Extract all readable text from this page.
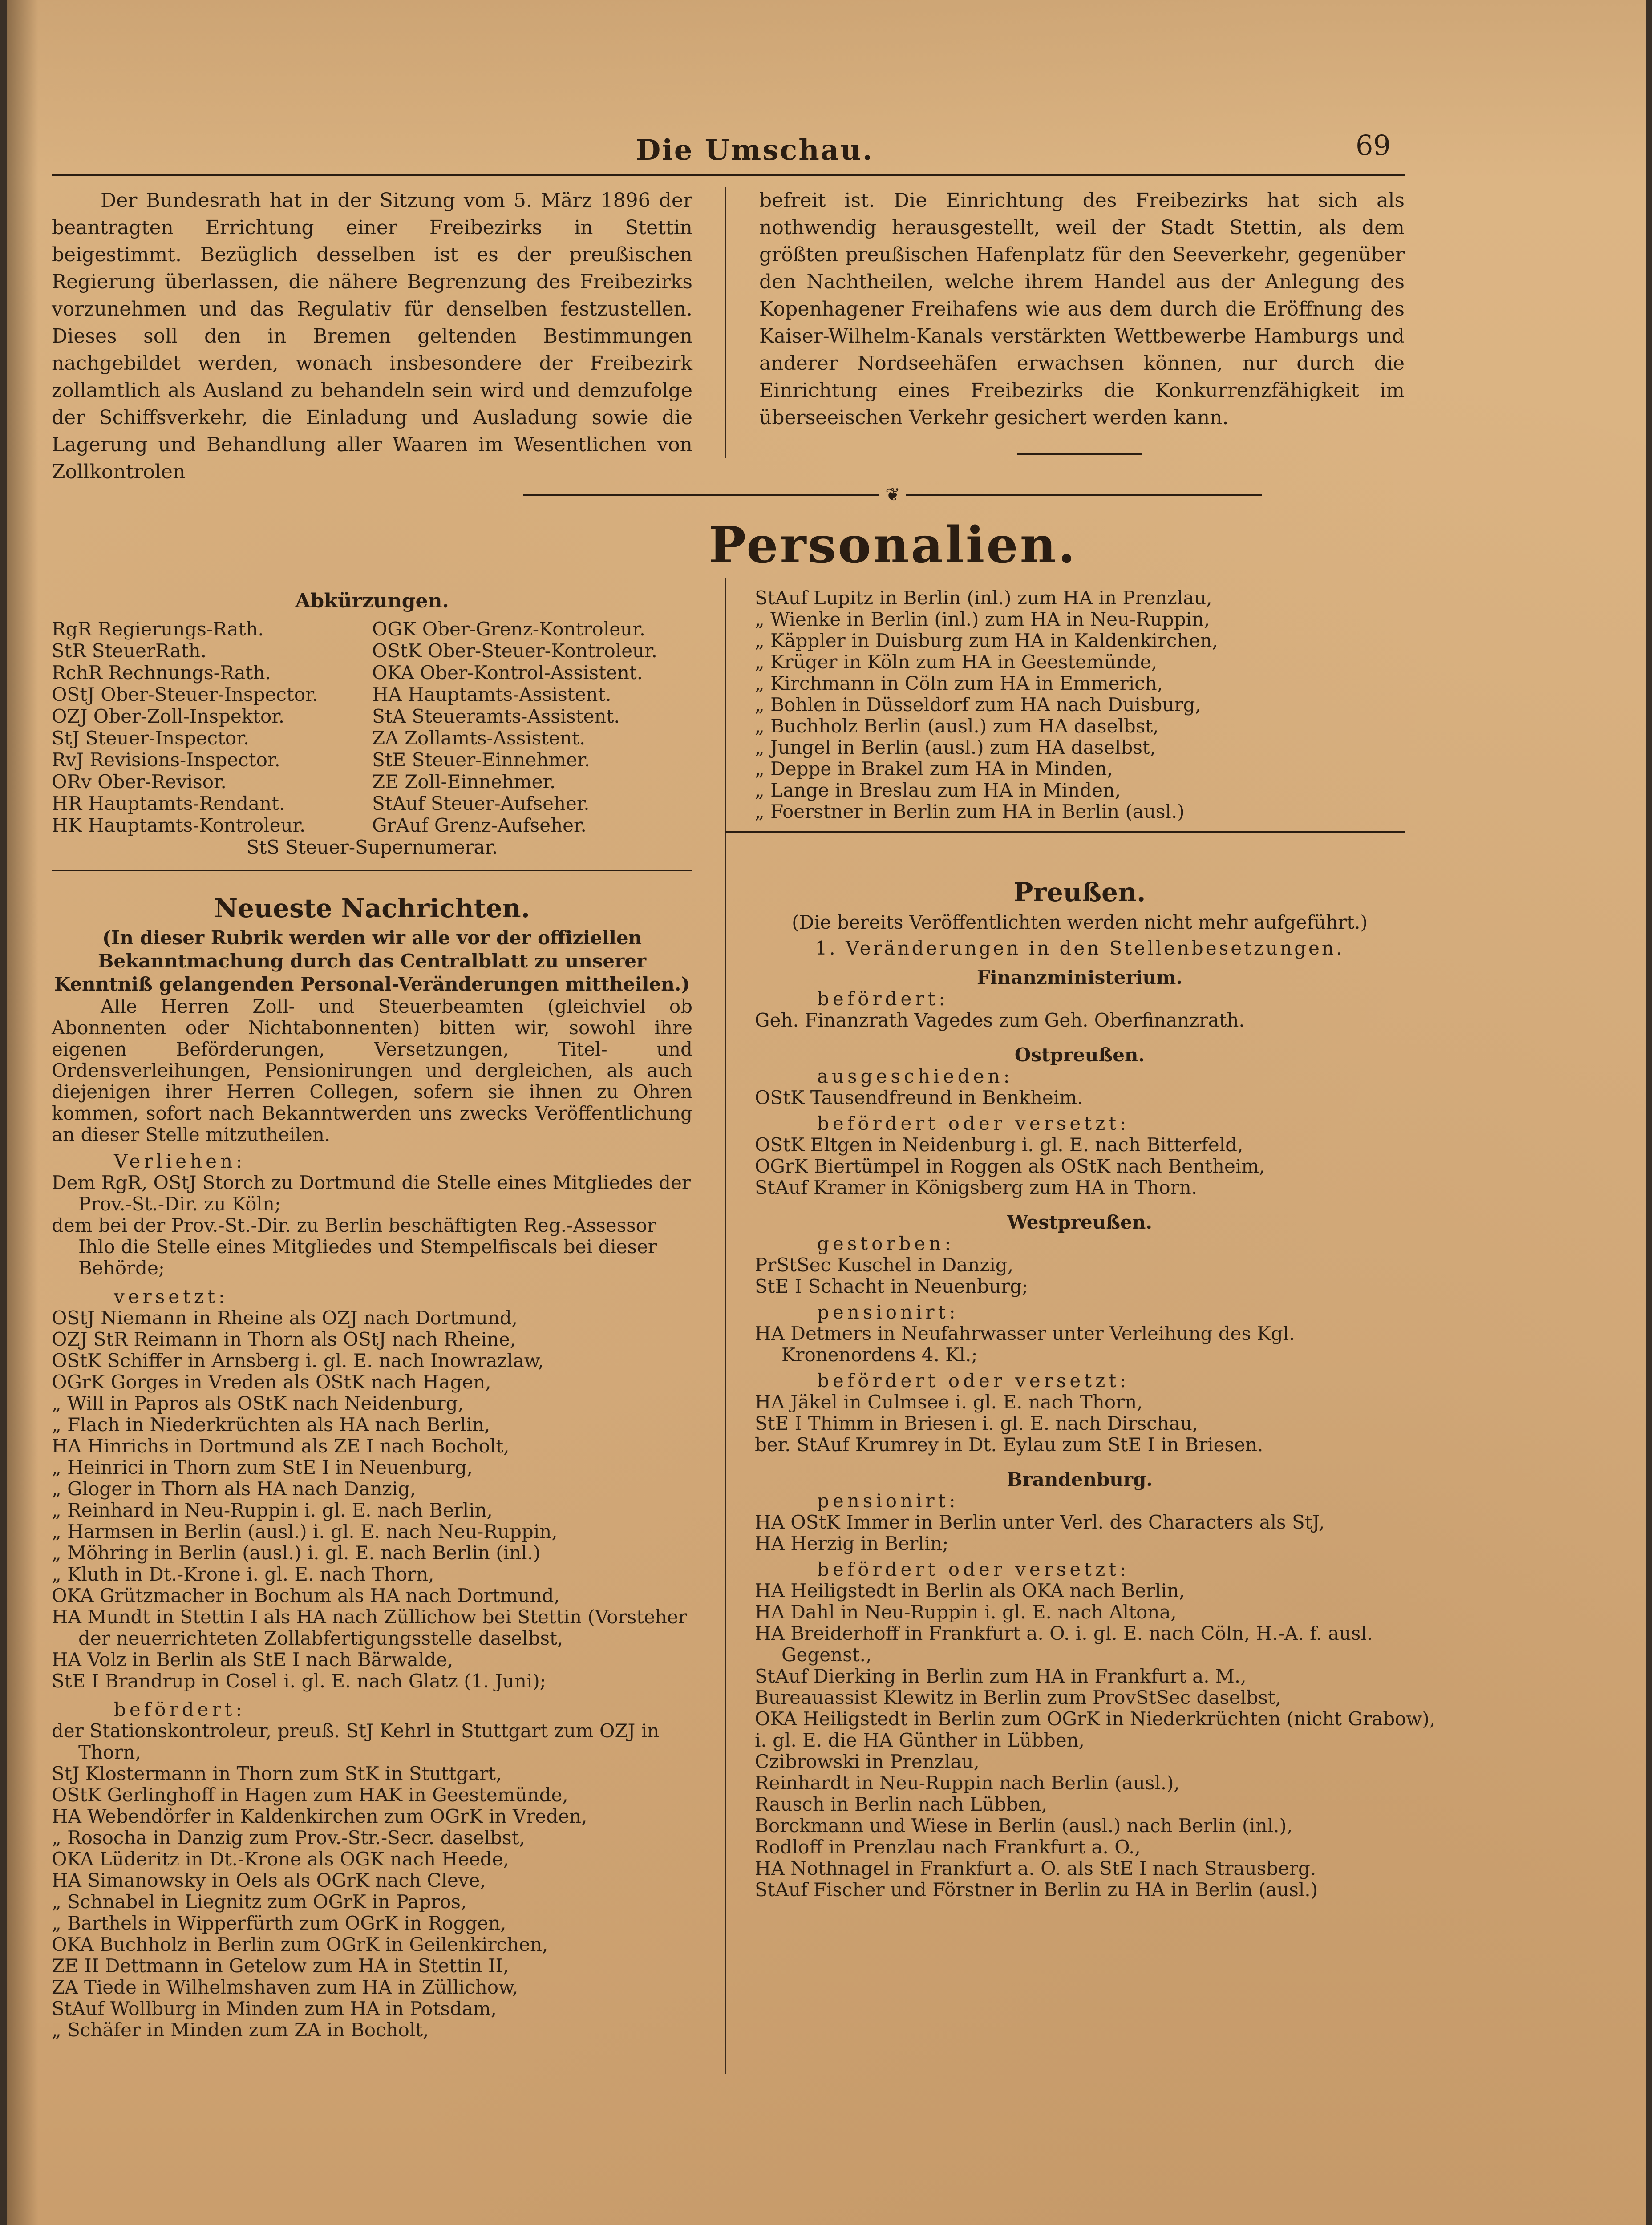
Die Umschau.	69

Der Bundesrath hat in der Sitzung vom 5. März 1896 der beantragten Errichtung einer Freibezirks in Stettin beigestimmt. Bezüglich desselben ist es der preußischen Regierung überlassen, die nähere Begrenzung des Freibezirks vorzunehmen und das Regulativ für denselben festzustellen. Dieses soll den in Bremen geltenden Bestimmungen nachgebildet werden, wonach insbesondere der Freibezirk zollamtlich als Ausland zu behandeln sein wird und demzufolge der Schiffsverkehr, die Einladung und Ausladung sowie die Lagerung und Behandlung aller Waaren im Wesentlichen von Zollkontrolen

befreit ist. Die Einrichtung des Freibezirks hat sich als nothwendig herausgestellt, weil der Stadt Stettin, als dem größten preußischen Hafenplatz für den Seeverkehr, gegenüber den Nachtheilen, welche ihrem Handel aus der Anlegung des Kopenhagener Freihafens wie aus dem durch die Eröffnung des Kaiser-Wilhelm-Kanals verstärkten Wettbewerbe Hamburgs und anderer Nordseehäfen erwachsen können, nur durch die Einrichtung eines Freibezirks die Konkurrenzfähigkeit im überseeischen Verkehr gesichert werden kann.

❦
Personalien.
Abkürzungen.
RgR Regierungs-Rath.	OGK Ober-Grenz-Kontroleur.
StR SteuerRath.	OStK Ober-Steuer-Kontroleur.
RchR Rechnungs-Rath.	OKA Ober-Kontrol-Assistent.
OStJ Ober-Steuer-Inspector.	HA Hauptamts-Assistent.
OZJ Ober-Zoll-Inspektor.	StA Steueramts-Assistent.
StJ Steuer-Inspector.	ZA Zollamts-Assistent.
RvJ Revisions-Inspector.	StE Steuer-Einnehmer.
ORv Ober-Revisor.	ZE Zoll-Einnehmer.
HR Hauptamts-Rendant.	StAuf Steuer-Aufseher.
HK Hauptamts-Kontroleur.	GrAuf Grenz-Aufseher.
StS Steuer-Supernumerar.
Neueste Nachrichten.

(In dieser Rubrik werden wir alle vor der offiziellen Bekanntmachung durch das Centralblatt zu unserer Kenntniß gelangenden Personal-Veränderungen mittheilen.)

Alle Herren Zoll- und Steuerbeamten (gleichviel ob Abonnenten oder Nichtabonnenten) bitten wir, sowohl ihre eigenen Beförderungen, Versetzungen, Titel- und Ordensverleihungen, Pensionirungen und dergleichen, als auch diejenigen ihrer Herren Collegen, sofern sie ihnen zu Ohren kommen, sofort nach Bekanntwerden uns zwecks Veröffentlichung an dieser Stelle mitzutheilen.

Verliehen:
Dem RgR, OStJ Storch zu Dortmund die Stelle eines Mitgliedes der Prov.-St.-Dir. zu Köln;
dem bei der Prov.-St.-Dir. zu Berlin beschäftigten Reg.-Assessor Ihlo die Stelle eines Mitgliedes und Stempelfiscals bei dieser Behörde;
versetzt:
OStJ Niemann in Rheine als OZJ nach Dortmund,
OZJ StR Reimann in Thorn als OStJ nach Rheine,
OStK Schiffer in Arnsberg i. gl. E. nach Inowrazlaw,
OGrK Gorges in Vreden als OStK nach Hagen,
„ Will in Papros als OStK nach Neidenburg,
„ Flach in Niederkrüchten als HA nach Berlin,
HA Hinrichs in Dortmund als ZE I nach Bocholt,
„ Heinrici in Thorn zum StE I in Neuenburg,
„ Gloger in Thorn als HA nach Danzig,
„ Reinhard in Neu-Ruppin i. gl. E. nach Berlin,
„ Harmsen in Berlin (ausl.) i. gl. E. nach Neu-Ruppin,
„ Möhring in Berlin (ausl.) i. gl. E. nach Berlin (inl.)
„ Kluth in Dt.-Krone i. gl. E. nach Thorn,
OKA Grützmacher in Bochum als HA nach Dortmund,
HA Mundt in Stettin I als HA nach Züllichow bei Stettin (Vorsteher der neuerrichteten Zollabfertigungsstelle daselbst,
HA Volz in Berlin als StE I nach Bärwalde,
StE I Brandrup in Cosel i. gl. E. nach Glatz (1. Juni);
befördert:
der Stationskontroleur, preuß. StJ Kehrl in Stuttgart zum OZJ in Thorn,
StJ Klostermann in Thorn zum StK in Stuttgart,
OStK Gerlinghoff in Hagen zum HAK in Geestemünde,
HA Webendörfer in Kaldenkirchen zum OGrK in Vreden,
„ Rosocha in Danzig zum Prov.-Str.-Secr. daselbst,
OKA Lüderitz in Dt.-Krone als OGK nach Heede,
HA Simanowsky in Oels als OGrK nach Cleve,
„ Schnabel in Liegnitz zum OGrK in Papros,
„ Barthels in Wipperfürth zum OGrK in Roggen,
OKA Buchholz in Berlin zum OGrK in Geilenkirchen,
ZE II Dettmann in Getelow zum HA in Stettin II,
ZA Tiede in Wilhelmshaven zum HA in Züllichow,
StAuf Wollburg in Minden zum HA in Potsdam,
„ Schäfer in Minden zum ZA in Bocholt,
StAuf Lupitz in Berlin (inl.) zum HA in Prenzlau,
„ Wienke in Berlin (inl.) zum HA in Neu-Ruppin,
„ Käppler in Duisburg zum HA in Kaldenkirchen,
„ Krüger in Köln zum HA in Geestemünde,
„ Kirchmann in Cöln zum HA in Emmerich,
„ Bohlen in Düsseldorf zum HA nach Duisburg,
„ Buchholz Berlin (ausl.) zum HA daselbst,
„ Jungel in Berlin (ausl.) zum HA daselbst,
„ Deppe in Brakel zum HA in Minden,
„ Lange in Breslau zum HA in Minden,
„ Foerstner in Berlin zum HA in Berlin (ausl.)
Preußen.
(Die bereits Veröffentlichten werden nicht mehr aufgeführt.)
1. Veränderungen in den Stellenbesetzungen.
Finanzministerium.
befördert:
Geh. Finanzrath Vagedes zum Geh. Oberfinanzrath.
Ostpreußen.
ausgeschieden:
OStK Tausendfreund in Benkheim.
befördert oder versetzt:
OStK Eltgen in Neidenburg i. gl. E. nach Bitterfeld,
OGrK Biertümpel in Roggen als OStK nach Bentheim,
StAuf Kramer in Königsberg zum HA in Thorn.
Westpreußen.
gestorben:
PrStSec Kuschel in Danzig,
StE I Schacht in Neuenburg;
pensionirt:
HA Detmers in Neufahrwasser unter Verleihung des Kgl. Kronenordens 4. Kl.;
befördert oder versetzt:
HA Jäkel in Culmsee i. gl. E. nach Thorn,
StE I Thimm in Briesen i. gl. E. nach Dirschau,
ber. StAuf Krumrey in Dt. Eylau zum StE I in Briesen.
Brandenburg.
pensionirt:
HA OStK Immer in Berlin unter Verl. des Characters als StJ,
HA Herzig in Berlin;
befördert oder versetzt:
HA Heiligstedt in Berlin als OKA nach Berlin,
HA Dahl in Neu-Ruppin i. gl. E. nach Altona,
HA Breiderhoff in Frankfurt a. O. i. gl. E. nach Cöln, H.-A. f. ausl. Gegenst.,
StAuf Dierking in Berlin zum HA in Frankfurt a. M.,
Bureauassist Klewitz in Berlin zum ProvStSec daselbst,
OKA Heiligstedt in Berlin zum OGrK in Niederkrüchten (nicht Grabow),
i. gl. E. die HA Günther in Lübben,
Czibrowski in Prenzlau,
Reinhardt in Neu-Ruppin nach Berlin (ausl.),
Rausch in Berlin nach Lübben,
Borckmann und Wiese in Berlin (ausl.) nach Berlin (inl.),
Rodloff in Prenzlau nach Frankfurt a. O.,
HA Nothnagel in Frankfurt a. O. als StE I nach Strausberg.
StAuf Fischer und Förstner in Berlin zu HA in Berlin (ausl.)
